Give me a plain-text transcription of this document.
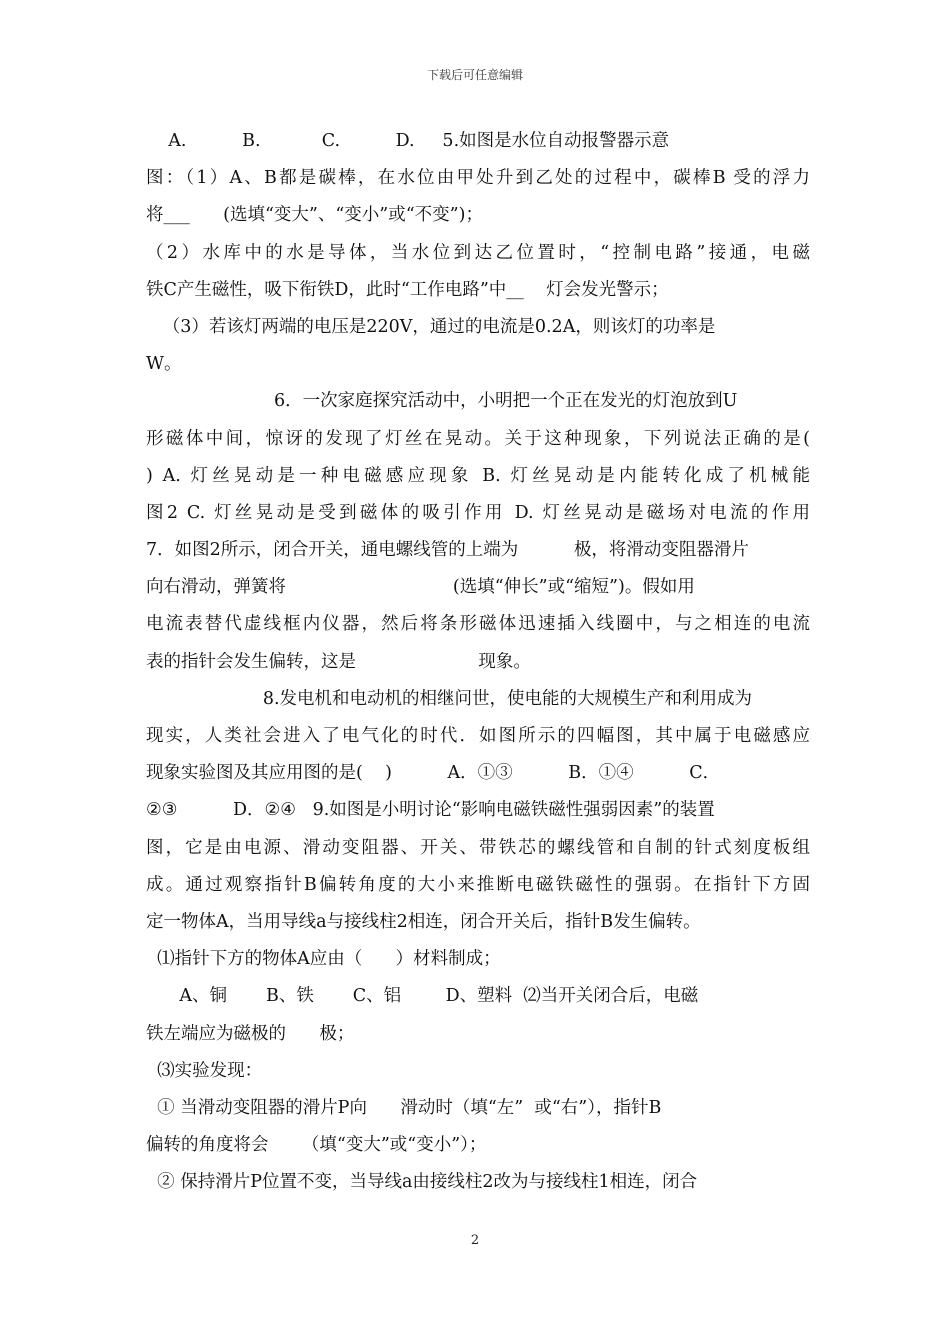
下载后可任意编辑
A.          B.           C.          D.     5.如图是水位自动报警器示意
图：（1）A、B都是碳棒，在水位由甲处升到乙处的过程中，碳棒B 受的浮力
将___      (选填“变大”、“变小”或“不变”)；
（2）水库中的水是导体，当水位到达乙位置时，“控制电路”接通，电磁
铁C产生磁性，吸下衔铁D，此时“工作电路”中__    灯会发光警示；
（3）若该灯两端的电压是220V，通过的电流是0.2A，则该灯的功率是
W。
6．一次家庭探究活动中，小明把一个正在发光的灯泡放到U
形磁体中间，惊讶的发现了灯丝在晃动。关于这种现象，下列说法正确的是(
) A. 灯丝晃动是一种电磁感应现象 B. 灯丝晃动是内能转化成了机械能
图2 C. 灯丝晃动是受到磁体的吸引作用 D. 灯丝晃动是磁场对电流的作用
7．如图2所示，闭合开关，通电螺线管的上端为          极，将滑动变阻器滑片
向右滑动，弹簧将                              (选填“伸长”或“缩短”)。假如用
电流表替代虚线框内仪器，然后将条形磁体迅速插入线圈中，与之相连的电流
表的指针会发生偏转，这是                      现象。
8.发电机和电动机的相继问世，使电能的大规模生产和利用成为
现实，人类社会进入了电气化的时代．如图所示的四幅图，其中属于电磁感应
现象实验图及其应用图的是(    )          A．①③          B．①④          C．
②③          D．②④   9.如图是小明讨论“影响电磁铁磁性强弱因素”的装置
图，它是由电源、滑动变阻器、开关、带铁芯的螺线管和自制的针式刻度板组
成。通过观察指针B偏转角度的大小来推断电磁铁磁性的强弱。在指针下方固
定一物体A，当用导线a与接线柱2相连，闭合开关后，指针B发生偏转。
⑴指针下方的物体A应由（      ）材料制成；
A、铜       B、铁       C、铝        D、塑料  ⑵当开关闭合后，电磁
铁左端应为磁极的      极；
⑶实验发现：
① 当滑动变阻器的滑片P向      滑动时（填“左”  或“右”），指针B
偏转的角度将会      （填“变大”或“变小”）；
② 保持滑片P位置不变，当导线a由接线柱2改为与接线柱1相连，闭合
2
